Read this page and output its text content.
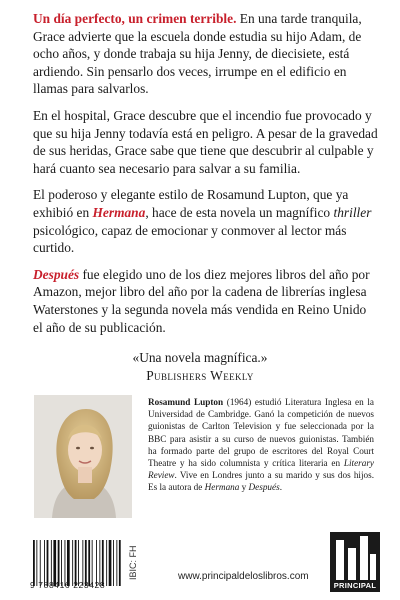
Un día perfecto, un crimen terrible. En una tarde tranquila, Grace advierte que la escuela donde estudia su hijo Adam, de ocho años, y donde trabaja su hija Jenny, de diecisiete, está ardiendo. Sin pensarlo dos veces, irrumpe en el edificio en llamas para salvarlos.

En el hospital, Grace descubre que el incendio fue provocado y que su hija Jenny todavía está en peligro. A pesar de la gravedad de sus heridas, Grace sabe que tiene que descubrir al culpable y hará cuanto sea necesario para salvar a su familia.

El poderoso y elegante estilo de Rosamund Lupton, que ya exhibió en Hermana, hace de esta novela un magnífico thriller psicológico, capaz de emocionar y conmover al lector más curtido.

Después fue elegido uno de los diez mejores libros del año por Amazon, mejor libro del año por la cadena de librerías inglesa Waterstones y la segunda novela más vendida en Reino Unido el año de su publicación.

«Una novela magnífica.»
Publishers Weekly
Rosamund Lupton (1964) estudió Literatura Inglesa en la Universidad de Cambridge. Ganó la competición de nuevos guionistas de Carlton Television y fue seleccionada por la BBC para asistir a su curso de nuevos guionistas. También ha formado parte del grupo de escritores del Royal Court Theatre y ha sido columnista y crítica literaria en Literary Review. Vive en Londres junto a su marido y sus dos hijos. Es la autora de Hermana y Después.
9 788416 223428
IBIC: FH	www.principaldeloslibros.com
PRINCIPAL
